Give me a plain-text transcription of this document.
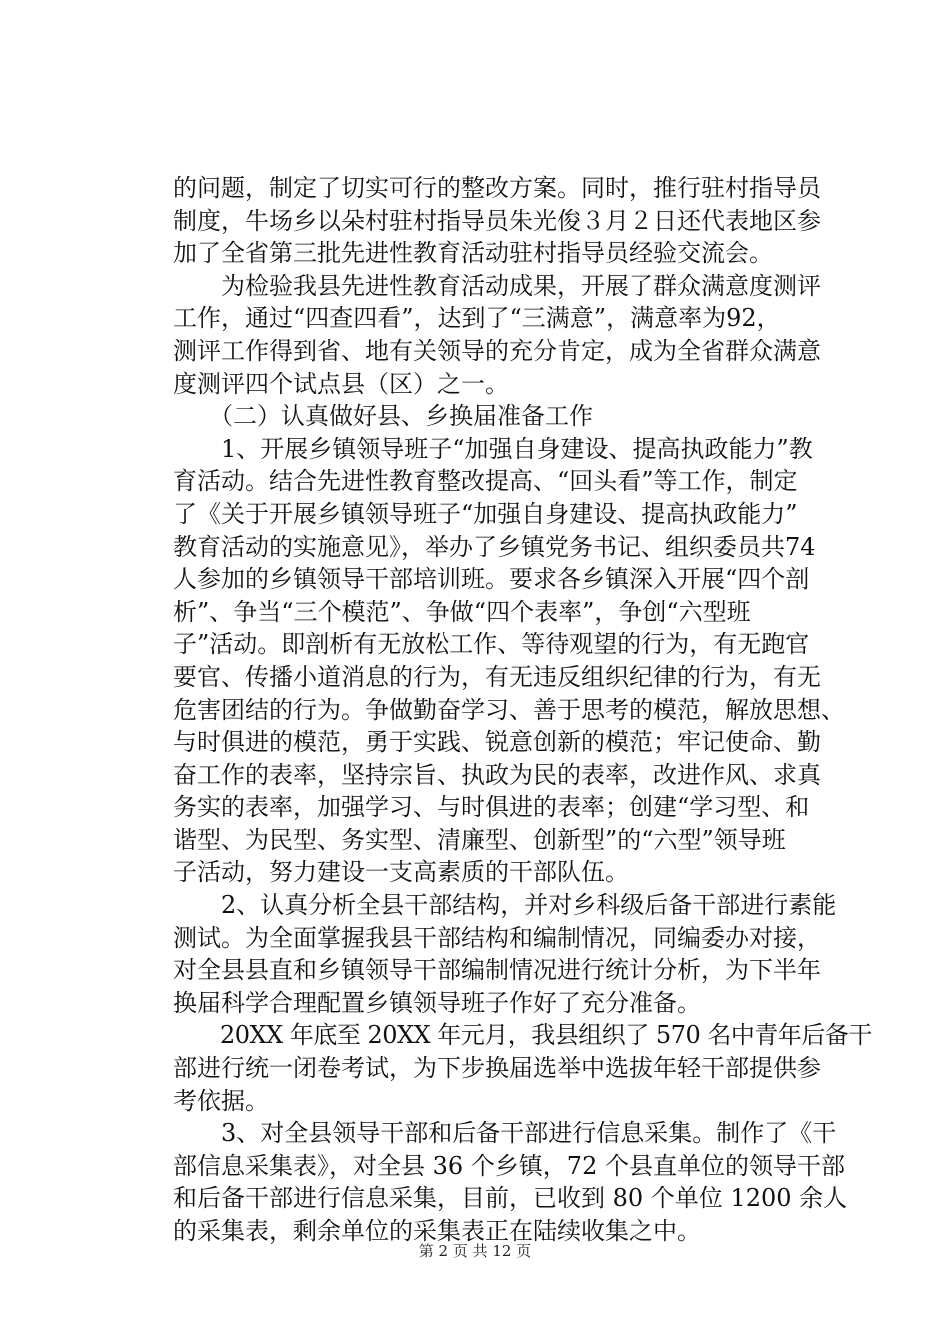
的问题，制定了切实可行的整改方案。同时，推行驻村指导员
制度，牛场乡以朵村驻村指导员朱光俊３月２日还代表地区参
加了全省第三批先进性教育活动驻村指导员经验交流会。
　　为检验我县先进性教育活动成果，开展了群众满意度测评
工作，通过“四查四看”，达到了“三满意”，满意率为92，
测评工作得到省、地有关领导的充分肯定，成为全省群众满意
度测评四个试点县（区）之一。
　　（二）认真做好县、乡换届准备工作
　　1、开展乡镇领导班子“加强自身建设、提高执政能力”教
育活动。结合先进性教育整改提高、“回头看”等工作，制定
了《关于开展乡镇领导班子“加强自身建设、提高执政能力”
教育活动的实施意见》，举办了乡镇党务书记、组织委员共74
人参加的乡镇领导干部培训班。要求各乡镇深入开展“四个剖
析”、争当“三个模范”、争做“四个表率”，争创“六型班
子”活动。即剖析有无放松工作、等待观望的行为，有无跑官
要官、传播小道消息的行为，有无违反组织纪律的行为，有无
危害团结的行为。争做勤奋学习、善于思考的模范，解放思想、
与时俱进的模范，勇于实践、锐意创新的模范；牢记使命、勤
奋工作的表率，坚持宗旨、执政为民的表率，改进作风、求真
务实的表率，加强学习、与时俱进的表率；创建“学习型、和
谐型、为民型、务实型、清廉型、创新型”的“六型”领导班
子活动，努力建设一支高素质的干部队伍。
　　2、认真分析全县干部结构，并对乡科级后备干部进行素能
测试。为全面掌握我县干部结构和编制情况，同编委办对接，
对全县县直和乡镇领导干部编制情况进行统计分析，为下半年
换届科学合理配置乡镇领导班子作好了充分准备。
　　20XX 年底至 20XX 年元月，我县组织了 570 名中青年后备干
部进行统一闭卷考试，为下步换届选举中选拔年轻干部提供参
考依据。
　　3、对全县领导干部和后备干部进行信息采集。制作了《干
部信息采集表》，对全县 36 个乡镇，72 个县直单位的领导干部
和后备干部进行信息采集，目前，已收到 80 个单位 1200 余人
的采集表，剩余单位的采集表正在陆续收集之中。
第 2 页 共 12 页
